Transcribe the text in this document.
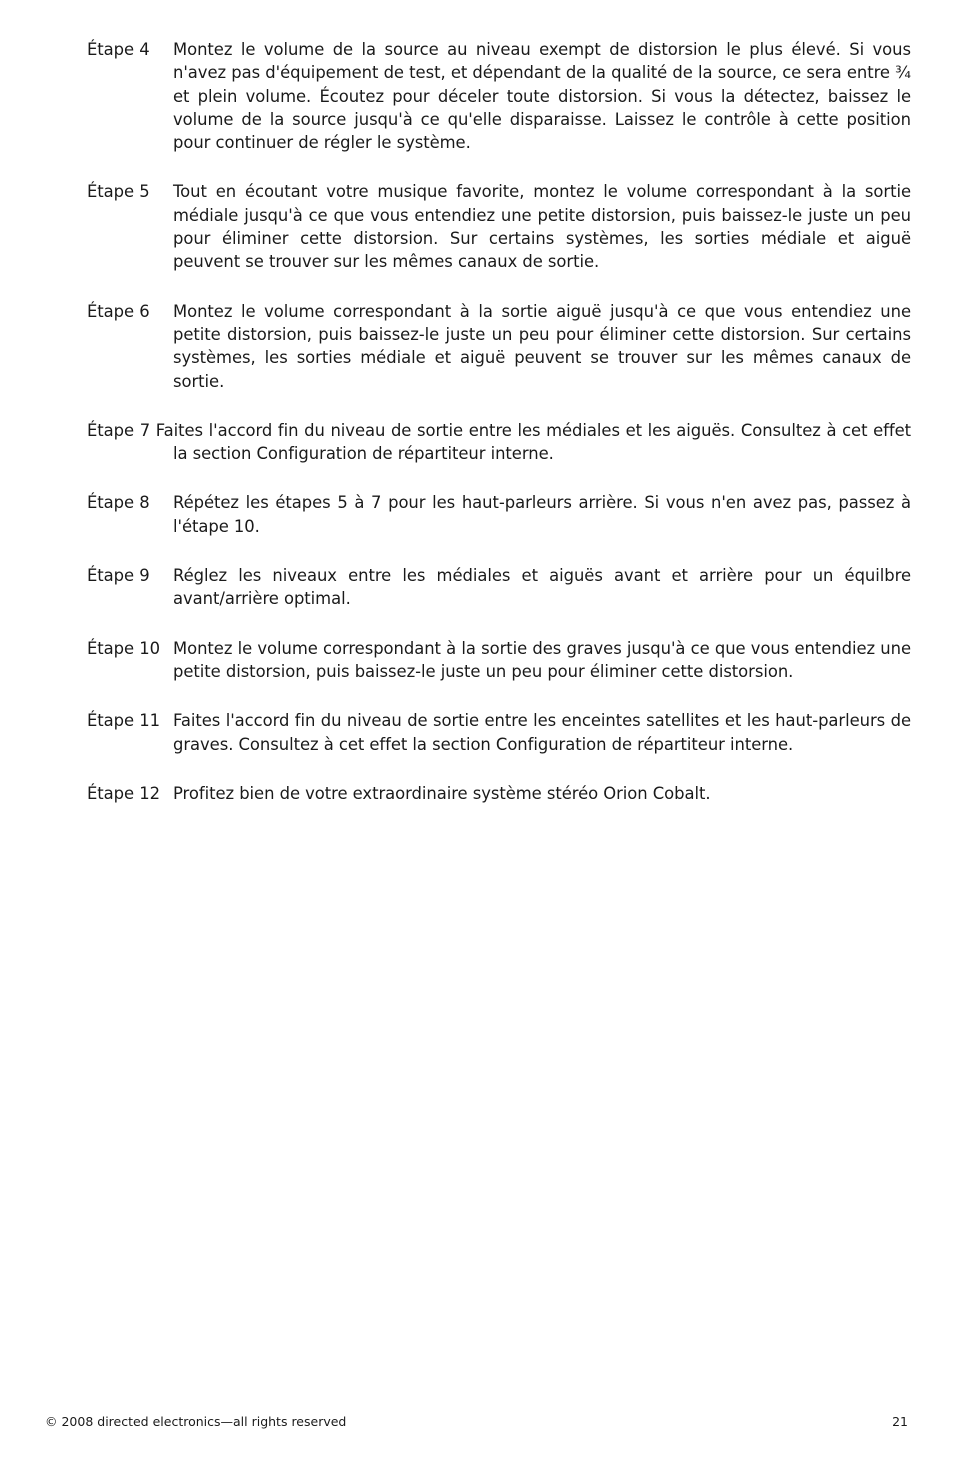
Étape 4 Montez le volume de la source au niveau exempt de distorsion le plus élevé. Si vous n'avez pas d'équipement de test, et dépendant de la qualité de la source, ce sera entre ¾ et plein volume. Écoutez pour déceler toute distorsion. Si vous la détectez, baissez le volume de la source jusqu'à ce qu'elle disparaisse. Laissez le contrôle à cette position pour continuer de régler le système.
Étape 5 Tout en écoutant votre musique favorite, montez le volume correspondant à la sortie médiale jusqu'à ce que vous entendiez une petite distorsion, puis baissez-le juste un peu pour éliminer cette distorsion. Sur certains systèmes, les sorties médiale et aiguë peuvent se trouver sur les mêmes canaux de sortie.
Étape 6 Montez le volume correspondant à la sortie aiguë jusqu'à ce que vous entendiez une petite distorsion, puis baissez-le juste un peu pour éliminer cette distorsion. Sur certains systèmes, les sorties médiale et aiguë peuvent se trouver sur les mêmes canaux de sortie.
Étape 7 Faites l'accord fin du niveau de sortie entre les médiales et les aiguës. Consultez à cet effet la section Configuration de répartiteur interne.
Étape 8 Répétez les étapes 5 à 7 pour les haut-parleurs arrière. Si vous n'en avez pas, passez à l'étape 10.
Étape 9 Réglez les niveaux entre les médiales et aiguës avant et arrière pour un équilbre avant/arrière optimal.
Étape 10 Montez le volume correspondant à la sortie des graves jusqu'à ce que vous entendiez une petite distorsion, puis baissez-le juste un peu pour éliminer cette distorsion.
Étape 11 Faites l'accord fin du niveau de sortie entre les enceintes satellites et les haut-parleurs de graves. Consultez à cet effet la section Configuration de répartiteur interne.
Étape 12 Profitez bien de votre extraordinaire système stéréo Orion Cobalt.
© 2008 directed electronics—all rights reserved	21
